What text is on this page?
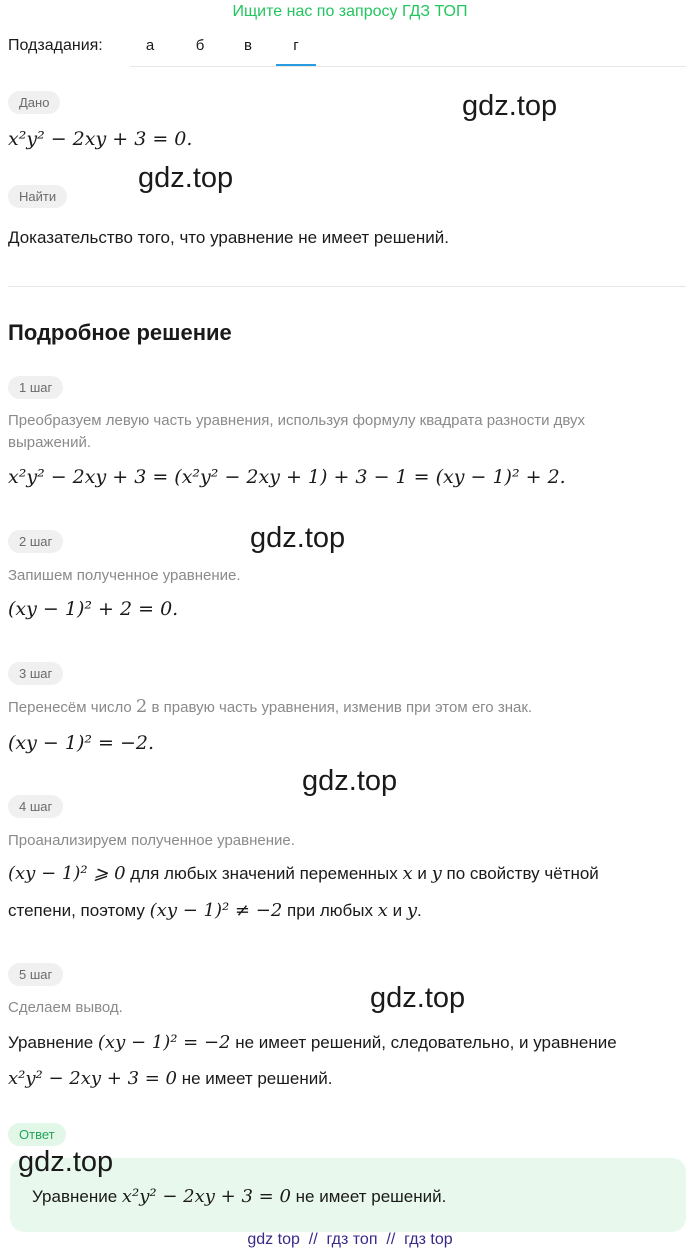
Ищите нас по запросу ГДЗ ТОП
Подзадания:	а	б	в	г
Дано
x²y² − 2xy + 3 = 0.
Найти
Доказательство того, что уравнение не имеет решений.
Подробное решение
1 шаг
Преобразуем левую часть уравнения, используя формулу квадрата разности двух выражений.
x²y² − 2xy + 3 = (x²y² − 2xy + 1) + 3 − 1 = (xy − 1)² + 2.
2 шаг
Запишем полученное уравнение.
(xy − 1)² + 2 = 0.
3 шаг
Перенесём число 2 в правую часть уравнения, изменив при этом его знак.
(xy − 1)² = −2.
4 шаг
Проанализируем полученное уравнение.
(xy − 1)² ⩾ 0 для любых значений переменных x и y по свойству чётной
степени, поэтому (xy − 1)² ≠ −2 при любых x и y.
5 шаг
Сделаем вывод.
Уравнение (xy − 1)² = −2 не имеет решений, следовательно, и уравнение
x²y² − 2xy + 3 = 0 не имеет решений.
Ответ
Уравнение x²y² − 2xy + 3 = 0 не имеет решений.
gdz.top
gdz.top
gdz.top
gdz.top
gdz.top
gdz.top
gdz top  //  гдз топ  //  гдз top
